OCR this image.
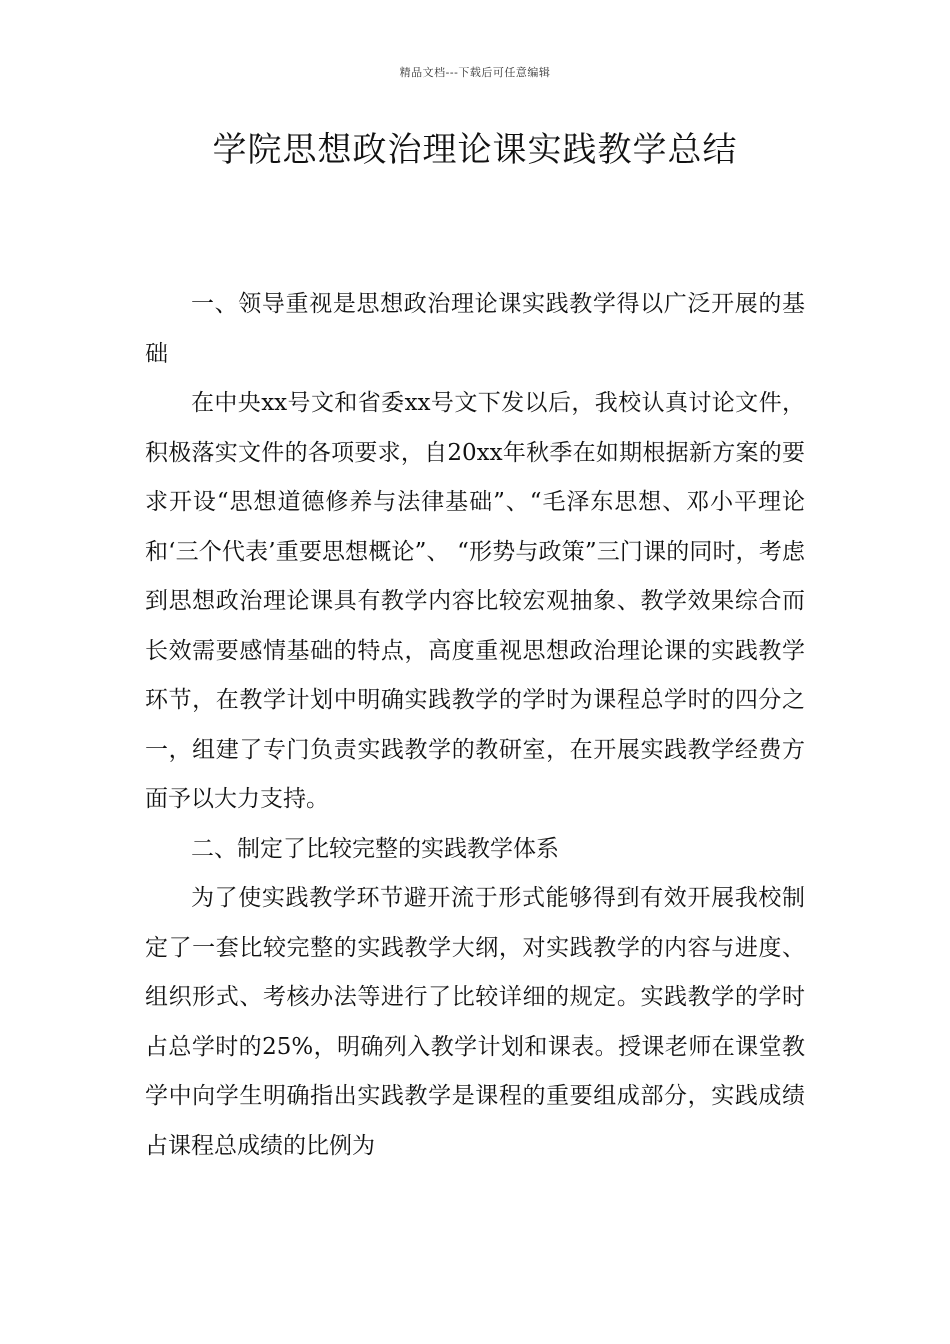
精品文档---下载后可任意编辑
学院思想政治理论课实践教学总结

一、领导重视是思想政治理论课实践教学得以广泛开展的基础

在中央xx号文和省委xx号文下发以后，我校认真讨论文件，积极落实文件的各项要求，自20xx年秋季在如期根据新方案的要求开设“思想道德修养与法律基础”、“毛泽东思想、邓小平理论和‘三个代表’重要思想概论”、 “形势与政策”三门课的同时，考虑到思想政治理论课具有教学内容比较宏观抽象、教学效果综合而长效需要感情基础的特点，高度重视思想政治理论课的实践教学环节，在教学计划中明确实践教学的学时为课程总学时的四分之一，组建了专门负责实践教学的教研室，在开展实践教学经费方面予以大力支持。

二、制定了比较完整的实践教学体系

为了使实践教学环节避开流于形式能够得到有效开展我校制定了一套比较完整的实践教学大纲，对实践教学的内容与进度、组织形式、考核办法等进行了比较详细的规定。实践教学的学时占总学时的25%，明确列入教学计划和课表。授课老师在课堂教学中向学生明确指出实践教学是课程的重要组成部分，实践成绩占课程总成绩的比例为
